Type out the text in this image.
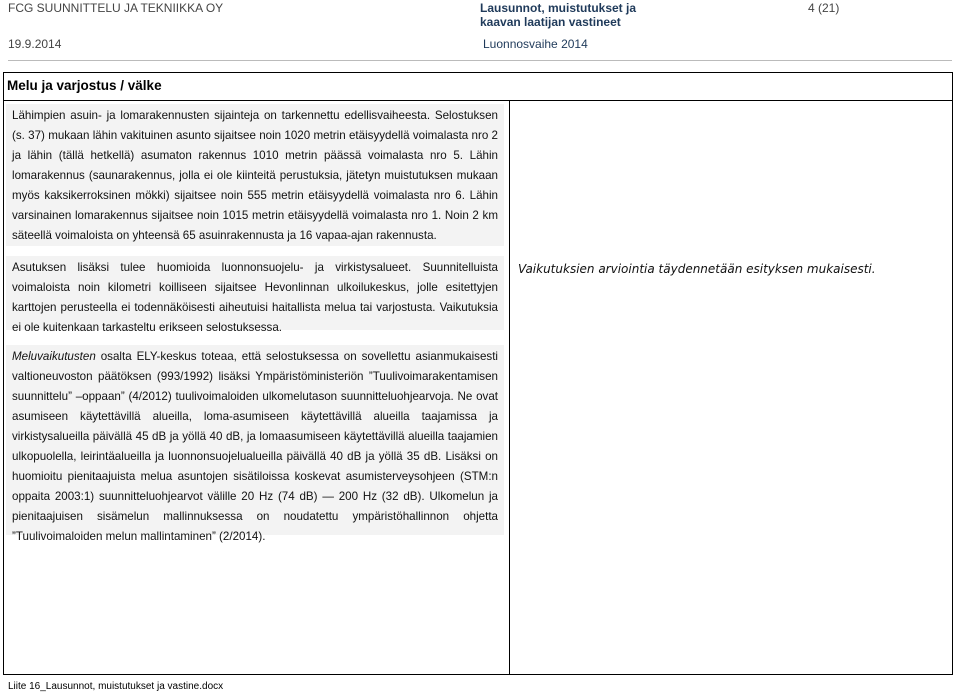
FCG SUUNNITTELU JA TEKNIIKKA OY	Lausunnot, muistutukset ja
kaavan laatijan vastineet
4 (21)
19.9.2014	Luonnosvaihe 2014
Melu ja varjostus / välke

Lähimpien asuin- ja lomarakennusten sijainteja on tarkennettu edellisvaiheesta. Selostuksen (s. 37) mukaan lähin vakituinen asunto sijaitsee noin 1020 metrin etäisyydellä voimalasta nro 2 ja lähin (tällä hetkellä) asumaton rakennus 1010 metrin päässä voimalasta nro 5. Lähin lomarakennus (saunarakennus, jolla ei ole kiinteitä perustuksia, jätetyn muistutuksen mukaan myös kaksikerroksinen mökki) sijaitsee noin 555 metrin etäisyydellä voimalasta nro 6. Lähin varsinainen lomarakennus sijaitsee noin 1015 metrin etäisyydellä voimalasta nro 1. Noin 2 km säteellä voimaloista on yhteensä 65 asuinrakennusta ja 16 vapaa-ajan rakennusta.

Asutuksen lisäksi tulee huomioida luonnonsuojelu- ja virkistysalueet. Suunnitelluista voimaloista noin kilometri koilliseen sijaitsee Hevonlinnan ulkoilukeskus, jolle esitettyjen karttojen perusteella ei todennäköisesti aiheutuisi haitallista melua tai varjostusta. Vaikutuksia ei ole kuitenkaan tarkasteltu erikseen selostuksessa.

Meluvaikutusten osalta ELY-keskus toteaa, että selostuksessa on sovellettu asianmukaisesti valtioneuvoston päätöksen (993/1992) lisäksi Ympäristöministeriön ”Tuulivoimarakentamisen suunnittelu” –oppaan” (4/2012) tuulivoimaloiden ulkomelutason suunnitteluohjearvoja. Ne ovat asumiseen käytettävillä alueilla, loma-asumiseen käytettävillä alueilla taajamissa ja virkistysalueilla päivällä 45 dB ja yöllä 40 dB, ja lomaasumiseen käytettävillä alueilla taajamien ulkopuolella, leirintäalueilla ja luonnonsuojelualueilla päivällä 40 dB ja yöllä 35 dB. Lisäksi on huomioitu pienitaajuista melua asuntojen sisätiloissa koskevat asumisterveysohjeen (STM:n oppaita 2003:1) suunnitteluohjearvot välille 20 Hz (74 dB) — 200 Hz (32 dB). Ulkomelun ja pienitaajuisen sisämelun mallinnuksessa on noudatettu ympäristöhallinnon ohjetta ”Tuulivoimaloiden melun mallintaminen” (2/2014).

Vaikutuksien arviointia täydennetään esityksen mukaisesti.
Liite 16_Lausunnot, muistutukset ja vastine.docx
